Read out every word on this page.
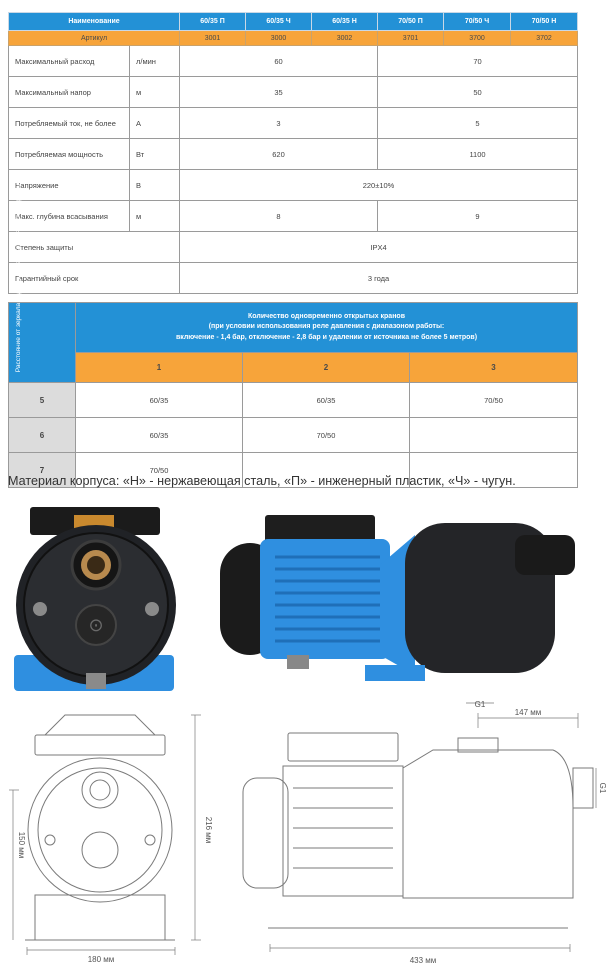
Наименование		60/35 П	60/35 Ч	60/35 Н	70/50 П	70/50 Ч	70/50 Н
Артикул		3001	3000	3002	3701	3700	3702
Максимальный расход	л/мин	60			70		
Максимальный напор	м	35			50		
Потребляемый ток, не более	А	3			5		
Потребляемая мощность	Вт	620			1100		
Напряжение	В	220±10%					
Макс. глубина всасывания	м	8			9		
Степень защиты		IPX4					
Гарантийный срок		3 года					
Расстояние от зеркала воды до реле давления, м (по вертикали)	Количество одновременно открытых кранов
(при условии использования реле давления с диапазоном работы:
включение - 1,4 бар, отключение - 2,8 бар и удалении от источника не более 5 метров)		

	1	2	3
5	60/35	60/35	70/50
6	60/35	70/50	
7	70/50		
Материал корпуса: «Н» - нержавеющая сталь, «П» - инженерный пластик, «Ч» - чугун.
⊙
180 мм
216 мм
150 мм
433 мм
147 мм
G1
G1
